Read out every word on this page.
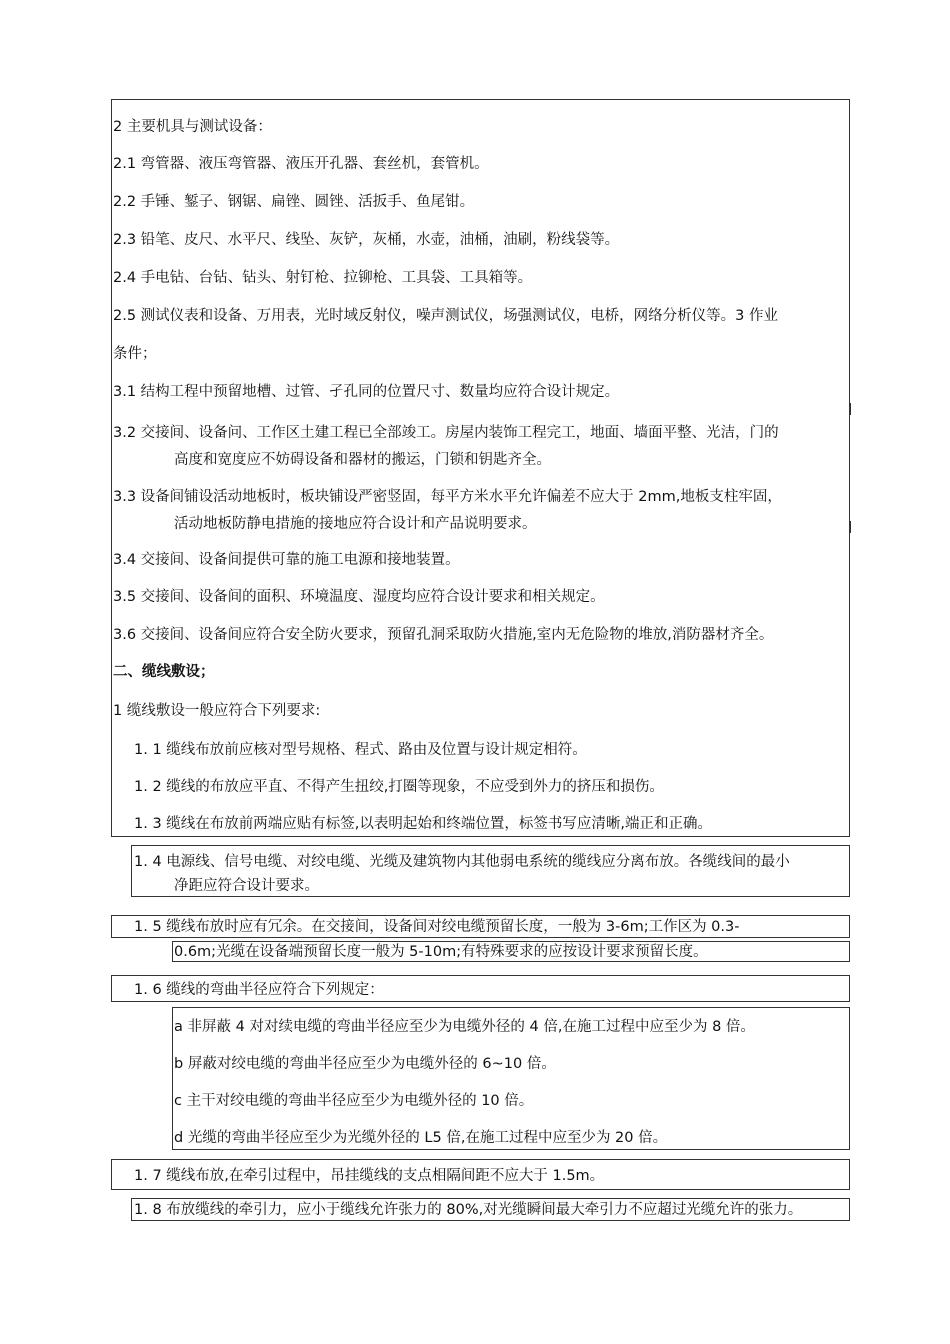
2 主要机具与测试设备：
2.1 弯管器、液压弯管器、液压开孔器、套丝机，套管机。
2.2 手锤、錾子、钢锯、扁锉、圆锉、活扳手、鱼尾钳。
2.3 铅笔、皮尺、水平尺、线坠、灰铲，灰桶，水壶，油桶，油刷，粉线袋等。
2.4 手电钻、台钻、钻头、射钉枪、拉铆枪、工具袋、工具箱等。
2.5 测试仪表和设备、万用表，光时域反射仪，噪声测试仪，场强测试仪，电桥，网络分析仪等。3 作业
条件；
3.1 结构工程中预留地槽、过管、孑孔同的位置尺寸、数量均应符合设计规定。
3.2 交接间、设备问、工作区土建工程已全部竣工。房屋内装饰工程完工，地面、墙面平整、光洁，门的
高度和宽度应不妨碍设备和器材的搬运，门锁和钥匙齐全。
3.3 设备间铺设活动地板时，板块铺设严密竖固，每平方米水平允许偏差不应大于 2mm,地板支柱牢固，
活动地板防静电措施的接地应符合设计和产品说明要求。
3.4 交接间、设备间提供可靠的施工电源和接地装置。
3.5 交接间、设备间的面积、环境温度、湿度均应符合设计要求和相关规定。
3.6 交接间、设备间应符合安全防火要求，预留孔洞采取防火措施,室内无危险物的堆放,消防器材齐全。
二、缆线敷设；
1 缆线敷设一般应符合下列要求:
1. 1 缆线布放前应核对型号规格、程式、路由及位置与设计规定相符。
1. 2 缆线的布放应平直、不得产生扭绞,打圈等现象，不应受到外力的挤压和损伤。
1. 3 缆线在布放前两端应贴有标签,以表明起始和终端位置，标签书写应清晰,端正和正确。
1. 4 电源线、信号电缆、对绞电缆、光缆及建筑物内其他弱电系统的缆线应分离布放。各缆线间的最小
净距应符合设计要求。
1. 5 缆线布放时应有冗余。在交接间，设备间对绞电缆预留长度，一般为 3-6m;工作区为 0.3-
0.6m;光缆在设备端预留长度一般为 5-10m;有特殊要求的应按设计要求预留长度。
1. 6 缆线的弯曲半径应符合下列规定：
a 非屏蔽 4 对对续电缆的弯曲半径应至少为电缆外径的 4 倍,在施工过程中应至少为 8 倍。
b 屏蔽对绞电缆的弯曲半径应至少为电缆外径的 6~10 倍。
c 主干对绞电缆的弯曲半径应至少为电缆外径的 10 倍。
d 光缆的弯曲半径应至少为光缆外径的 L5 倍,在施工过程中应至少为 20 倍。
1. 7 缆线布放,在牵引过程中，吊挂缆线的支点相隔间距不应大于 1.5m。
1. 8 布放缆线的牵引力，应小于缆线允许张力的 80%,对光缆瞬间最大牵引力不应超过光缆允许的张力。
